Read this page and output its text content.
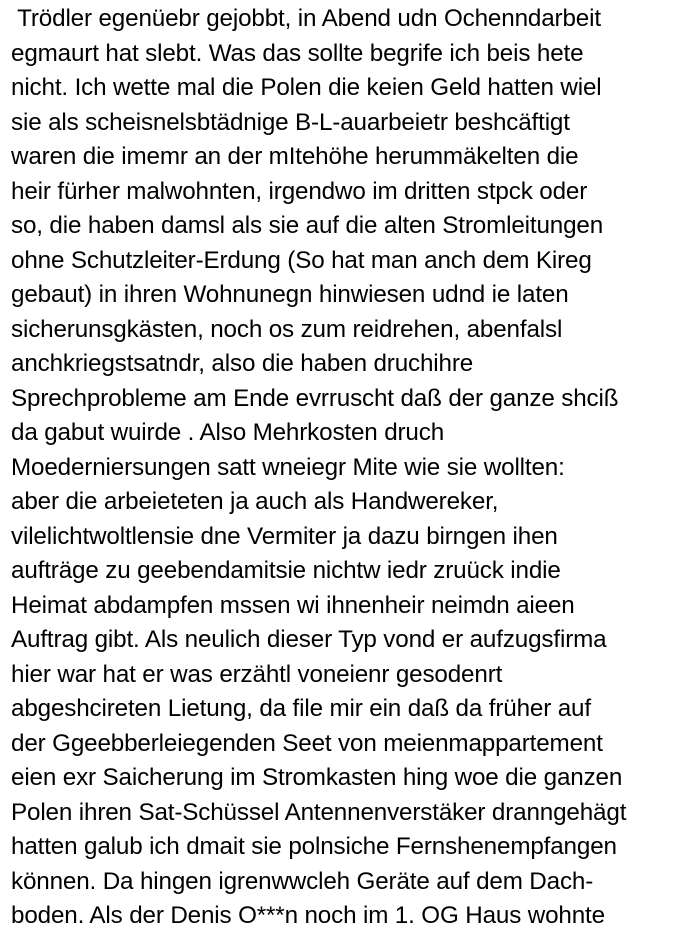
Trödler egenüebr gejobbt, in Abend udn Ochenndarbeit
egmaurt hat slebt. Was das sollte begrife ich beis hete
nicht. Ich wette mal die Polen die keien Geld hatten wiel
sie als scheisnelsbtädnige B-L-auarbeietr beshcäftigt
waren die imemr an der mItehöhe herummäkelten die
heir fürher malwohnten, irgendwo im dritten stpck oder
so, die haben damsl als sie auf die alten Stromleitungen
ohne Schutzleiter-Erdung (So hat man anch dem Kireg
gebaut) in ihren Wohnunegn hinwiesen udnd ie laten
sicherunsgkästen, noch os zum reidrehen, abenfalsl
anchkriegstsatndr, also die haben druchihre
Sprechprobleme am Ende evrruscht daß der ganze shciß
da gabut wuirde . Also Mehrkosten druch
Moederniersungen satt wneiegr Mite wie sie wollten:
aber die arbeieteten ja auch als Handwereker,
vilelichtwoltlensie dne Vermiter ja dazu birngen ihen
aufträge zu geebendamitsie nichtw iedr zruück indie
Heimat abdampfen mssen wi ihnenheir neimdn aieen
Auftrag gibt. Als neulich dieser Typ vond er aufzugsfirma
hier war hat er was erzähtl voneienr gesodenrt
abgeshcireten Lietung, da file mir ein daß da früher auf
der Ggeebberleiegenden Seet von meienmappartement
eien exr Saicherung im Stromkasten hing woe die ganzen
Polen ihren Sat-Schüssel Antennenverstäker dranngehägt
hatten galub ich dmait sie polnsiche Fernshenempfangen
können. Da hingen igrenwwcleh Geräte auf dem Dach-
boden. Als der Denis O***n noch im 1. OG Haus wohnte
